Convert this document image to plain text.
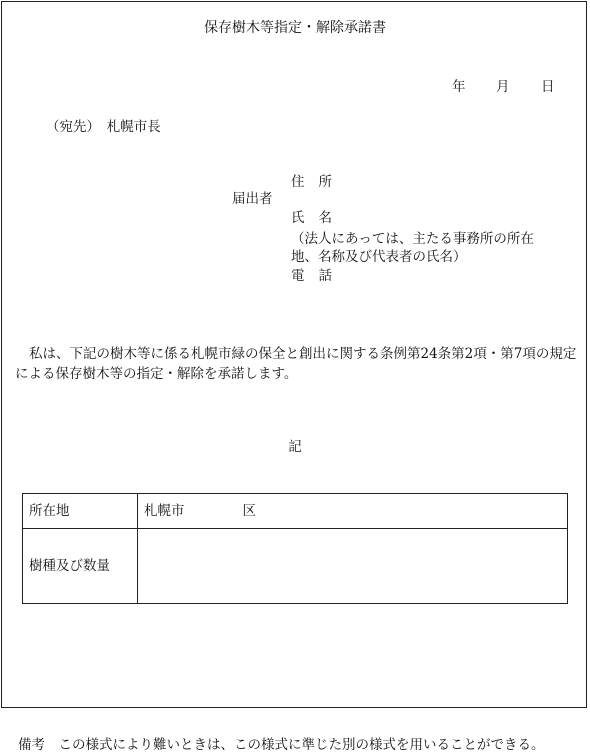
保存樹木等指定・解除承諾書
年 月 日
（宛先）　札幌市長
届出者
住所
氏名
（法人にあっては、主たる事務所の所在
地、名称及び代表者の氏名）
電話
私は、下記の樹木等に係る札幌市緑の保全と創出に関する条例第24条第2項・第7項の規定による保存樹木等の指定・解除を承諾します。
記
所在地	札幌市 区
樹種及び数量	
備考　この様式により難いときは、この様式に準じた別の様式を用いることができる。
